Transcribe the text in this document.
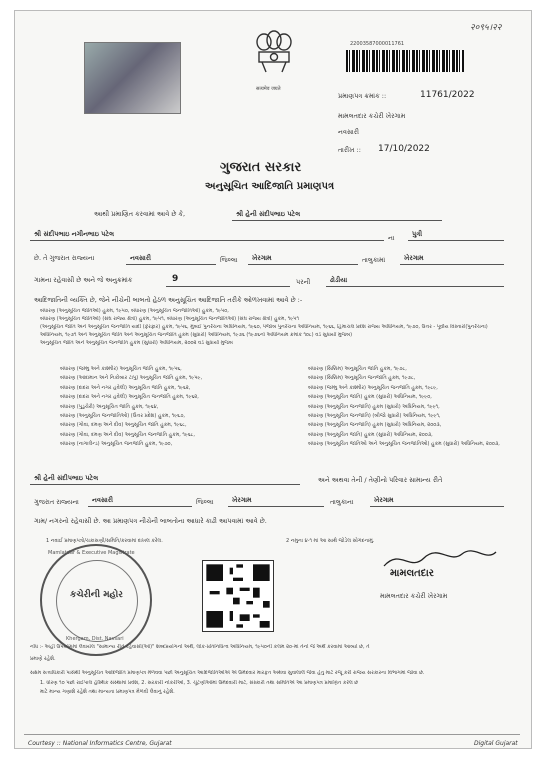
२०९५।२२
सत्यमेव जयते
22003587000011761
પ્રમાણપત્ર ક્રમાંક ::	11761/2022
મામલતદાર કચેરી ખેરગામ
નવસારી
તારીખ :: 17/10/2022
ગુજરાત સરકાર
અનુસૂચિત આદિજાતિ પ્રમાણપત્ર
આથી પ્રમાણિત કરવામાં આવે છે કે,	શ્રી હેની સંદીપભાઇ પટેલ
શ્રી સંદીપભાઇ નગીનભાઇ પટેલ	ના	પુત્રી
છે. તે ગુજરાત રાજ્યના	નવસારી	જિલ્લા ખેરગામ	તાલુકામાં	ખેરગામ
ગામના રહેવાસી છે અને જે અનુક્રમાંક	9	પરની	ઢોડીયા
આદિજાતિની વ્યક્તિ છે, જેને નીચેની બાબતો હેઠળ અનુસૂચિત આદિજાતિ તરીકે ઓળખવામાં આવે છે :-
બંધારણ (અનુસૂચિત જાતિઓ) હુકમ, ૧૯૫૦, બંધારણ (અનુસૂચિત જનજાતિઓ) હુકમ, ૧૯૫૦,
બંધારણ (અનુસૂચિત જાતિઓ) (સંઘ રાજ્ય ક્ષેત્રો) હુકમ, ૧૯૫૧, બંધારણ (અનુસૂચિત જનજાતિઓ) (સંઘ રાજ્ય ક્ષેત્રો) હુકમ, ૧૯૫૧
(અનુસૂચિત જાતિ અને અનુસૂચિત જનજાતિ યાદી (ફેરફાર) હુકમ, ૧૯૫૬, મુંબઈ પુનર્રચના અધિનિયમ, ૧૯૬૦, પંજાબ પુનર્રચના અધિનિયમ, ૧૯૬૬, હિમાચલ પ્રદેશ રાજ્ય અધિનિયમ, ૧૯૭૦, ઉત્તર - પૂર્વીય વિસ્તારો(પુનર્રચના)
અધિનિયમ, ૧૯૭૧ અને અનુસૂચિત જાતિ અને અનુસૂચિત જનજાતિ હુકમ (સુધારો) અધિનિયમ, ૧૯૭૬ (૧૯૭૬નો અધિનિયમ ક્રમાંક ૧૦૮) વડે સુધાર્યા મુજબ)
અનુસૂચિત જાતિ અને અનુસૂચિત જનજાતિ હુકમ (સુધારો) અધિનિયમ, ૨૦૦૨ વડે સુધાર્યા મુજબ
બંધારણ (જમ્મુ અને કાશ્મીર) અનુસૂચિત જાતિ હુકમ, ૧૯૫૬,
બંધારણ (આંદામાન અને નિકોબાર ટાપુ) અનુસૂચિત જાતિ હુકમ, ૧૯૫૯,
બંધારણ (દાદરા અને નગર હવેલી) અનુસૂચિત જાતિ હુકમ, ૧૯૬૨,
બંધારણ (દાદરા અને નગર હવેલી) અનુસૂચિત જનજાતિ હુકમ, ૧૯૬૨,
બંધારણ (પુડુચેરી) અનુસૂચિત જાતિ હુકમ, ૧૯૬૪,
બંધારણ (અનુસૂચિત જનજાતિઓ) (ઉત્તર પ્રદેશ) હુકમ, ૧૯૬૭,
બંધારણ (ગોવા, દમણ અને દીવ) અનુસૂચિત જાતિ હુકમ, ૧૯૬૮,
બંધારણ (ગોવા, દમણ અને દીવ) અનુસૂચિત જનજાતિ હુકમ, ૧૯૬૮,
બંધારણ (નાગાલેન્ડ) અનુસૂચિત જનજાતિ હુકમ, ૧૯૭૦,
બંધારણ (સિક્કિમ) અનુસૂચિત જાતિ હુકમ, ૧૯૭૮,
બંધારણ (સિક્કિમ) અનુસૂચિત જનજાતિ હુકમ, ૧૯૭૮,
બંધારણ (જમ્મુ અને કાશ્મીર) અનુસૂચિત જનજાતિ હુકમ, ૧૯૮૯,
બંધારણ (અનુસૂચિત જાતિ) હુકમ (સુધારો) અધિનિયમ, ૧૯૯૦,
બંધારણ (અનુસૂચિત જનજાતિ) હુકમ (સુધારો) અધિનિયમ, ૧૯૯૧,
બંધારણ (અનુસૂચિત જનજાતિ) (બીજો સુધારો) અધિનિયમ, ૧૯૯૧,
બંધારણ (અનુસૂચિત જનજાતિ) હુકમ (સુધારો) અધિનિયમ, ૨૦૦૩,
બંધારણ (અનુસૂચિત જાતિ) હુકમ (સુધારો) અધિનિયમ, ૨૦૦૩,
બંધારણ (અનુસૂચિત જાતિઓ અને અનુસૂચિત જનજાતિઓ) હુકમ (સુધારો) અધિનિયમ, ૨૦૦૩,
શ્રી હેની સંદીપભાઇ પટેલ	અને અથવા તેની / તેણીનો પરિવાર સામાન્ય રીતે
ગુજરાત રાજ્યના નવસારી	જિલ્લા	ખેરગામ	તાલુકાના	ખેરગામ
ગામ/ નગરનો રહેવાસી છે. આ પ્રમાણપત્ર નીચેની બાબતોના આધારે કાઢી આપવામાં આવે છે.
1 નવાઈ પ્રમાણપત્રો/ચકાસણી/સમિતિ/કરવામાં દાખલ કરેલ.	2 નમુના ૪-૧ માં આ સાથે જોડેલ સોગંદનામું.
Mamlatdar & Executive Magistrate
કચેરીની મહોર
Khergam, Dist. Navsari
મામલતદાર
મામલતદાર કચેરી ખેરગામ
નોંધ :- અહીં ઉપયોગમાં લેવાયેલ "સામાન્ય રીતે રહેવાસી(ઓ)" શબ્દપ્રયોગનો અર્થ, લોક-પ્રતિનિધિત્વ અધિનિયમ, ૧૯૫૦ની કલમ ૨૦-માં તેનો જે અર્થ કરવામાં આવ્યો છે, તે
પ્રમાણે રહેશે.
સક્ષમ સત્તાધિકારી પાસેથી અનુસૂચિત આદિજાતિ પ્રમાણપત્ર મેળવવા પછી અનુસૂચિત આદિજાતિઓએ એ ઉમેદવાર મારફત અથવા સુવાલાલે જેવા હેતુ માટે રજૂ કરી રાજય સરકારના વિભાગમાં જોવા છે.
1. ધોરણ ૧૦ પછી રાઈપાલ હૈસ્થિક સંસ્થામાં પ્રવેશ, 2. સરકારી નોકરીઓ, 3. ચૂંટણીઓમાં ઉમેદવારી માટે, સંસ્કારી તથા સમિતિએ આ પ્રમાણપત્ર પ્રમાણિત કરેલ છે
માટે માન્ય ગણાશે રહેશે તથા માન્યતા પ્રમાણપત્ર મેળવી લેવાનું રહેશે.
Courtesy :: National Informatics Centre, Gujarat	Digital Gujarat
